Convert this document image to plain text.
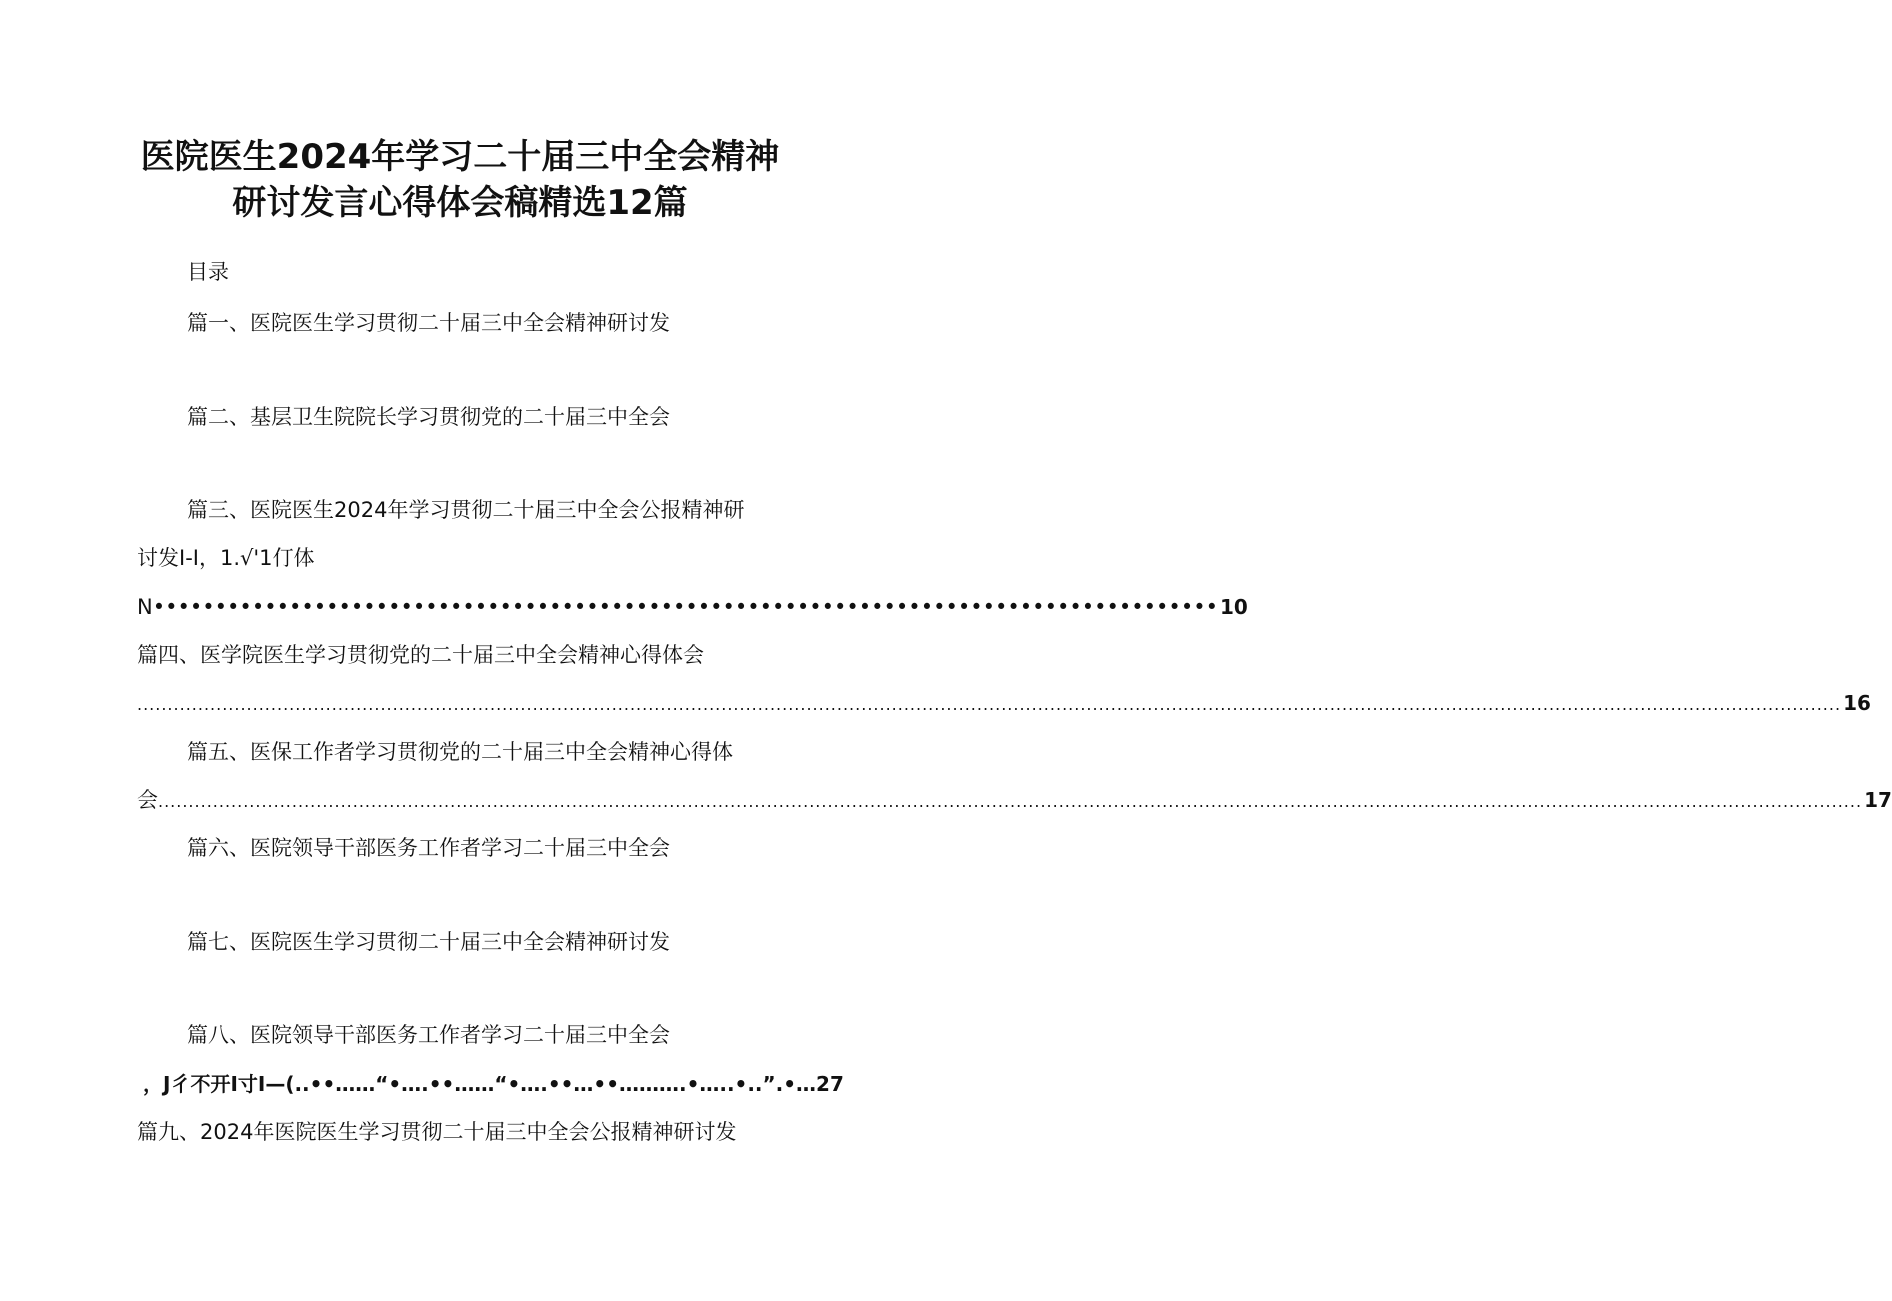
医院医生2024年学习二十届三中全会精神
研讨发言心得体会稿精选12篇
目录
篇一、医院医生学习贯彻二十届三中全会精神研讨发
篇二、基层卫生院院长学习贯彻党的二十届三中全会
篇三、医院医生2024年学习贯彻二十届三中全会公报精神研
讨发I-I，1.√'1仃体
N •••••••••••••••••••••••••••••••••••••••••••••••••••••••••••••••••••••••••••••••••••••• 10
篇四、医学院医生学习贯彻党的二十届三中全会精神心得体会
........................................................................................................................................................................................................................................................................................ 16
篇五、医保工作者学习贯彻党的二十届三中全会精神心得体
会 ........................................................................................................................................................................................................................................................................................ 17
篇六、医院领导干部医务工作者学习二十届三中全会
篇七、医院医生学习贯彻二十届三中全会精神研讨发
篇八、医院领导干部医务工作者学习二十届三中全会
，J彳不开I寸I—(..••……“•….••……“•….••…••……….•…..•..”.•…27
篇九、2024年医院医生学习贯彻二十届三中全会公报精神研讨发
